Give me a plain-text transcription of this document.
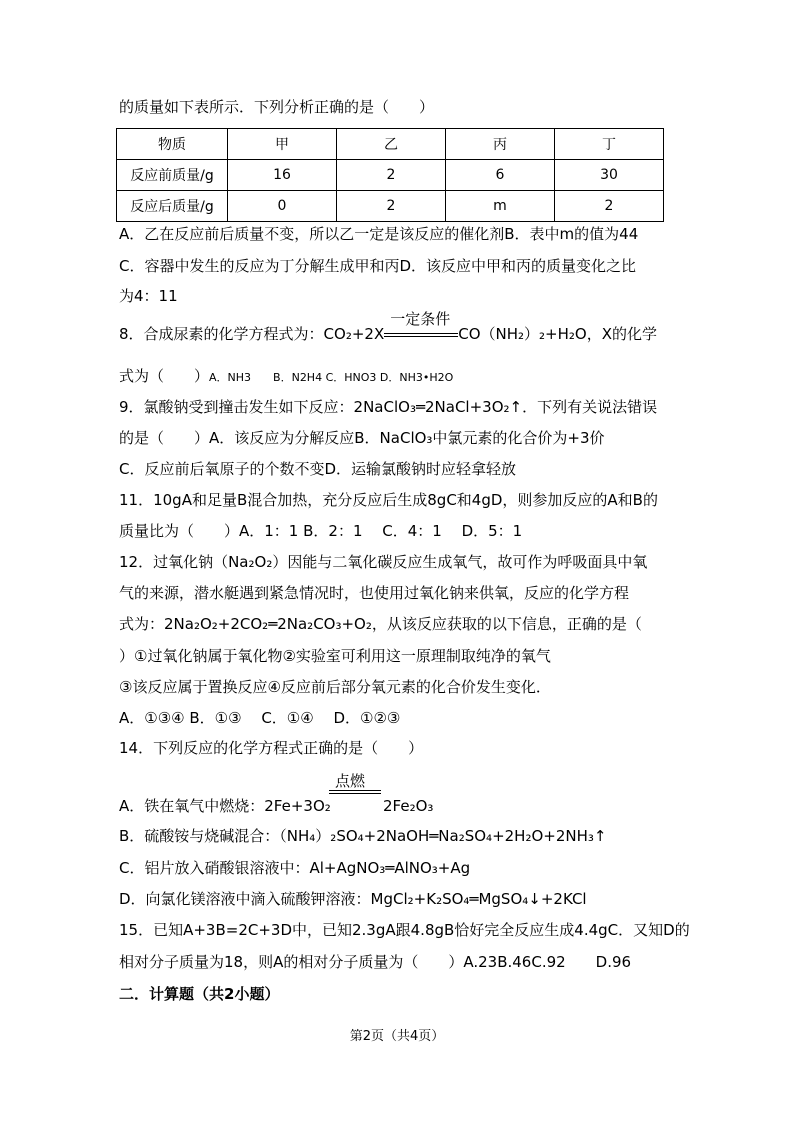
的质量如下表所示．下列分析正确的是（　　）
物质	甲	乙	丙	丁
反应前质量/g	16	2	6	30
反应后质量/g	0	2	m	2
A．乙在反应前后质量不变，所以乙一定是该反应的催化剂B．表中m的值为44
C．容器中发生的反应为丁分解生成甲和丙D．该反应中甲和丙的质量变化之比
为4：11
8．合成尿素的化学方程式为：CO₂+2X
一定条件
CO（NH₂）₂+H₂O，X的化学
式为（　　）A．NH3　　B．N2H4 C．HNO3 D．NH3•H2O
9．氯酸钠受到撞击发生如下反应：2NaClO₃═2NaCl+3O₂↑．下列有关说法错误
的是（　　）A．该反应为分解反应B．NaClO₃中氯元素的化合价为+3价
C．反应前后氧原子的个数不变D．运输氯酸钠时应轻拿轻放
11．10gA和足量B混合加热，充分反应后生成8gC和4gD，则参加反应的A和B的
质量比为（　　）A．1：1 B．2：1　 C．4：1　 D．5：1
12．过氧化钠（Na₂O₂）因能与二氧化碳反应生成氧气，故可作为呼吸面具中氧
气的来源，潜水艇遇到紧急情况时，也使用过氧化钠来供氧，反应的化学方程
式为：2Na₂O₂+2CO₂═2Na₂CO₃+O₂，从该反应获取的以下信息，正确的是（
）①过氧化钠属于氧化物②实验室可利用这一原理制取纯净的氧气
③该反应属于置换反应④反应前后部分氧元素的化合价发生变化．
A．①③④ B．①③　 C．①④　 D．①②③
14．下列反应的化学方程式正确的是（　　）
点燃
A．铁在氧气中燃烧：2Fe+3O₂	2Fe₂O₃
B．硫酸铵与烧碱混合：（NH₄）₂SO₄+2NaOH═Na₂SO₄+2H₂O+2NH₃↑
C．铝片放入硝酸银溶液中：Al+AgNO₃═AlNO₃+Ag
D．向氯化镁溶液中滴入硫酸钾溶液：MgCl₂+K₂SO₄═MgSO₄↓+2KCl
15．已知A+3B=2C+3D中，已知2.3gA跟4.8gB恰好完全反应生成4.4gC．又知D的
相对分子质量为18，则A的相对分子质量为（　　）A.23B.46C.92　　D.96
二．计算题（共2小题）
第2页（共4页）
